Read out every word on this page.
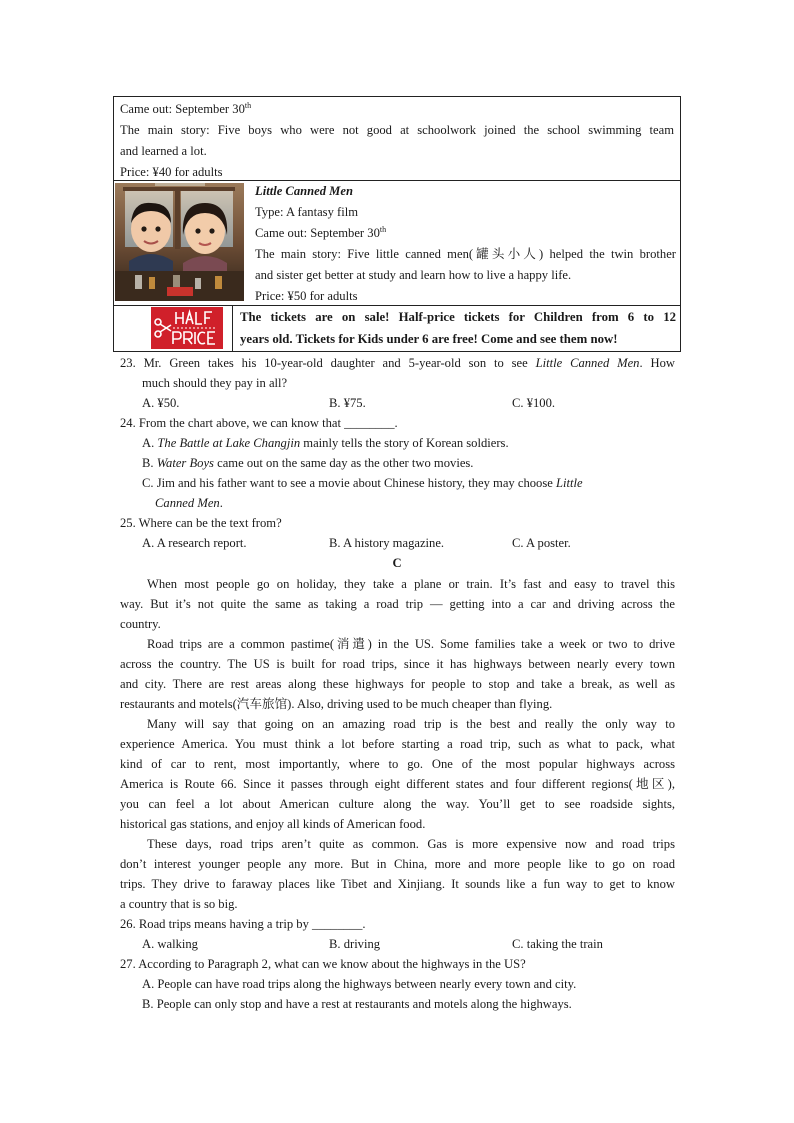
Came out: September 30th
The main story: Five boys who were not good at schoolwork joined the school swimming team
and learned a lot.
Price: ¥40 for adults
Little Canned Men
Type: A fantasy film
Came out: September 30th
The main story: Five little canned men(罐头小人) helped the twin brother
and sister get better at study and learn how to live a happy life.
Price: ¥50 for adults
The tickets are on sale! Half-price tickets for Children from 6 to 12
years old. Tickets for Kids under 6 are free! Come and see them now!
23. Mr. Green takes his 10-year-old daughter and 5-year-old son to see Little Canned Men. How
much should they pay in all?
A. ¥50.	B. ¥75.	C. ¥100.
24. From the chart above, we can know that ________.
A. The Battle at Lake Changjin mainly tells the story of Korean soldiers.
B. Water Boys came out on the same day as the other two movies.
C. Jim and his father want to see a movie about Chinese history, they may choose Little
Canned Men.
25. Where can be the text from?
A. A research report.	B. A history magazine.	C. A poster.
C
When most people go on holiday, they take a plane or train. It’s fast and easy to travel this
way. But it’s not quite the same as taking a road trip — getting into a car and driving across the
country.
Road trips are a common pastime(消遣) in the US. Some families take a week or two to drive
across the country. The US is built for road trips, since it has highways between nearly every town
and city. There are rest areas along these highways for people to stop and take a break, as well as
restaurants and motels(汽车旅馆). Also, driving used to be much cheaper than flying.
Many will say that going on an amazing road trip is the best and really the only way to
experience America. You must think a lot before starting a road trip, such as what to pack, what
kind of car to rent, most importantly, where to go. One of the most popular highways across
America is Route 66. Since it passes through eight different states and four different regions(地区),
you can feel a lot about American culture along the way. You’ll get to see roadside sights,
historical gas stations, and enjoy all kinds of American food.
These days, road trips aren’t quite as common. Gas is more expensive now and road trips
don’t interest younger people any more. But in China, more and more people like to go on road
trips. They drive to faraway places like Tibet and Xinjiang. It sounds like a fun way to get to know
a country that is so big.
26. Road trips means having a trip by ________.
A. walking	B. driving	C. taking the train
27. According to Paragraph 2, what can we know about the highways in the US?
A. People can have road trips along the highways between nearly every town and city.
B. People can only stop and have a rest at restaurants and motels along the highways.
